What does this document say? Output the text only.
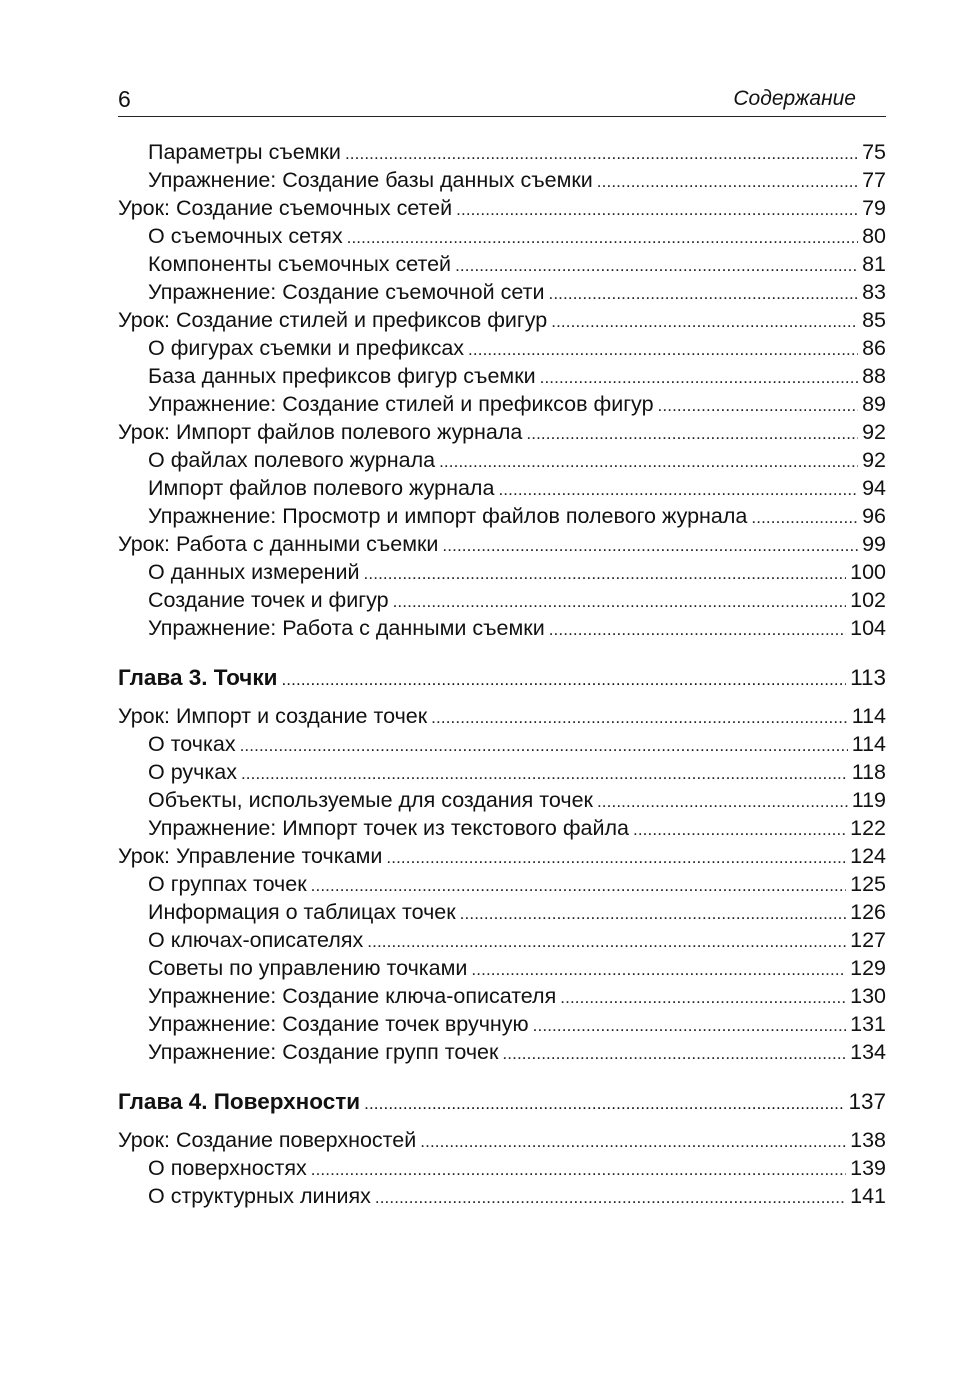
6	Содержание
Параметры съемки . . .	75
Упражнение: Создание базы данных съемки . . .	77
Урок: Создание съемочных сетей . . .	79
О съемочных сетях . . .	80
Компоненты съемочных сетей . . .	81
Упражнение: Создание съемочной сети . . .	83
Урок: Создание стилей и префиксов фигур . . .	85
О фигурах съемки и префиксах . . .	86
База данных префиксов фигур съемки . . .	88
Упражнение: Создание стилей и префиксов фигур . . .	89
Урок: Импорт файлов полевого журнала . . .	92
О файлах полевого журнала . . .	92
Импорт файлов полевого журнала . . .	94
Упражнение: Просмотр и импорт файлов полевого журнала . . .	96
Урок: Работа с данными съемки . . .	99
О данных измерений . . .	100
Создание точек и фигур . . .	102
Упражнение: Работа с данными съемки . . .	104
Глава 3. Точки . . .	113
Урок: Импорт и создание точек . . .	114
О точках . . .	114
О ручках . . .	118
Объекты, используемые для создания точек . . .	119
Упражнение: Импорт точек из текстового файла . . .	122
Урок: Управление точками . . .	124
О группах точек . . .	125
Информация о таблицах точек . . .	126
О ключах-описателях . . .	127
Советы по управлению точками . . .	129
Упражнение: Создание ключа-описателя . . .	130
Упражнение: Создание точек вручную . . .	131
Упражнение: Создание групп точек . . .	134
Глава 4. Поверхности . . .	137
Урок: Создание поверхностей . . .	138
О поверхностях . . .	139
О структурных линиях . . .	141
